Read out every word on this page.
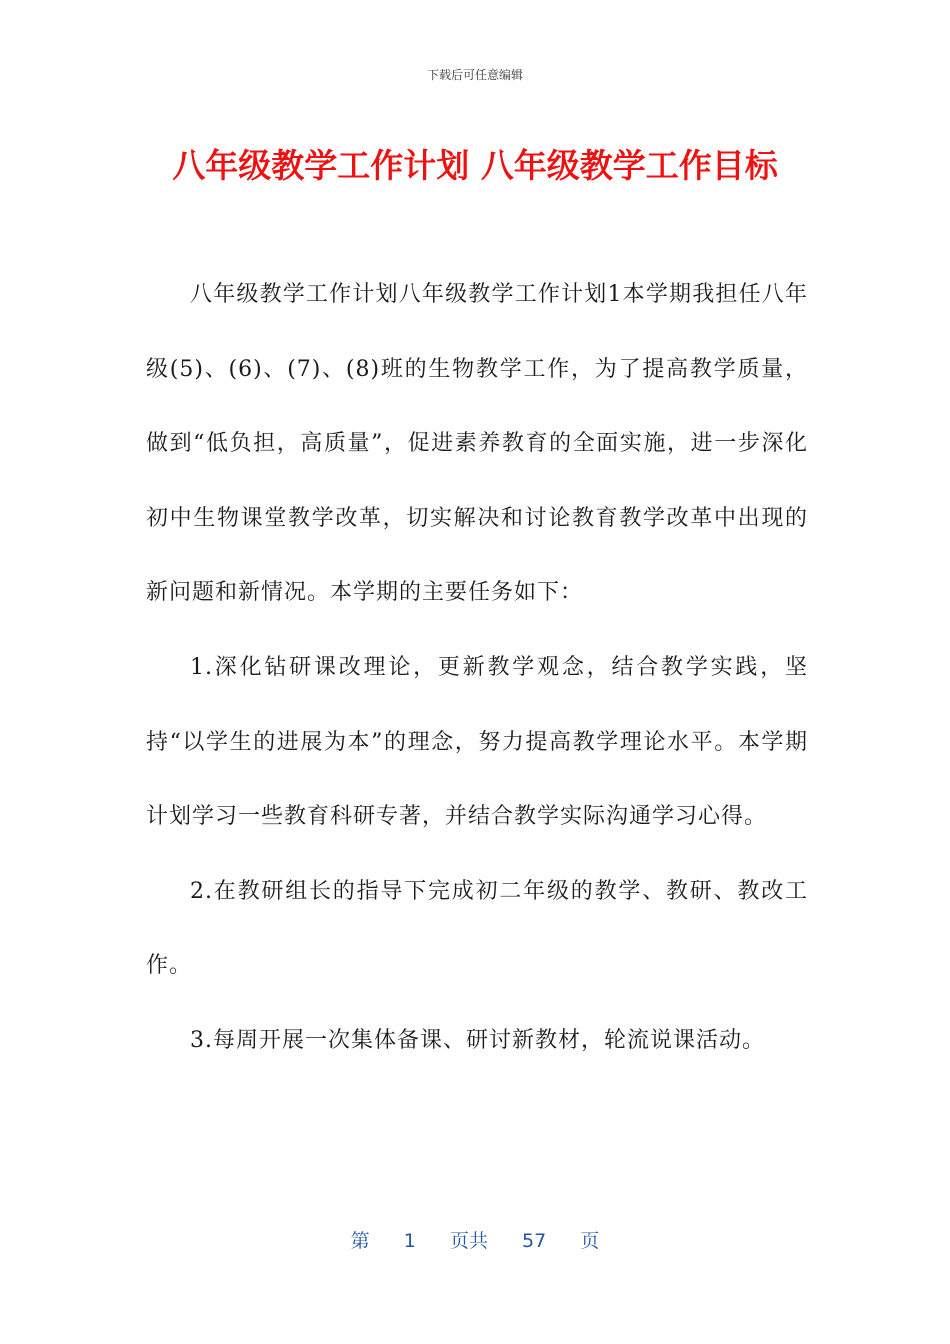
下载后可任意编辑
八年级教学工作计划 八年级教学工作目标

八年级教学工作计划八年级教学工作计划1本学期我担任八年级(5)、(6)、(7)、(8)班的生物教学工作，为了提高教学质量，做到“低负担，高质量”，促进素养教育的全面实施，进一步深化初中生物课堂教学改革，切实解决和讨论教育教学改革中出现的新问题和新情况。本学期的主要任务如下：

1.深化钻研课改理论，更新教学观念，结合教学实践，坚持“以学生的进展为本”的理念，努力提高教学理论水平。本学期计划学习一些教育科研专著，并结合教学实际沟通学习心得。

2.在教研组长的指导下完成初二年级的教学、教研、教改工作。

3.每周开展一次集体备课、研讨新教材，轮流说课活动。

第 1 页共 57 页
